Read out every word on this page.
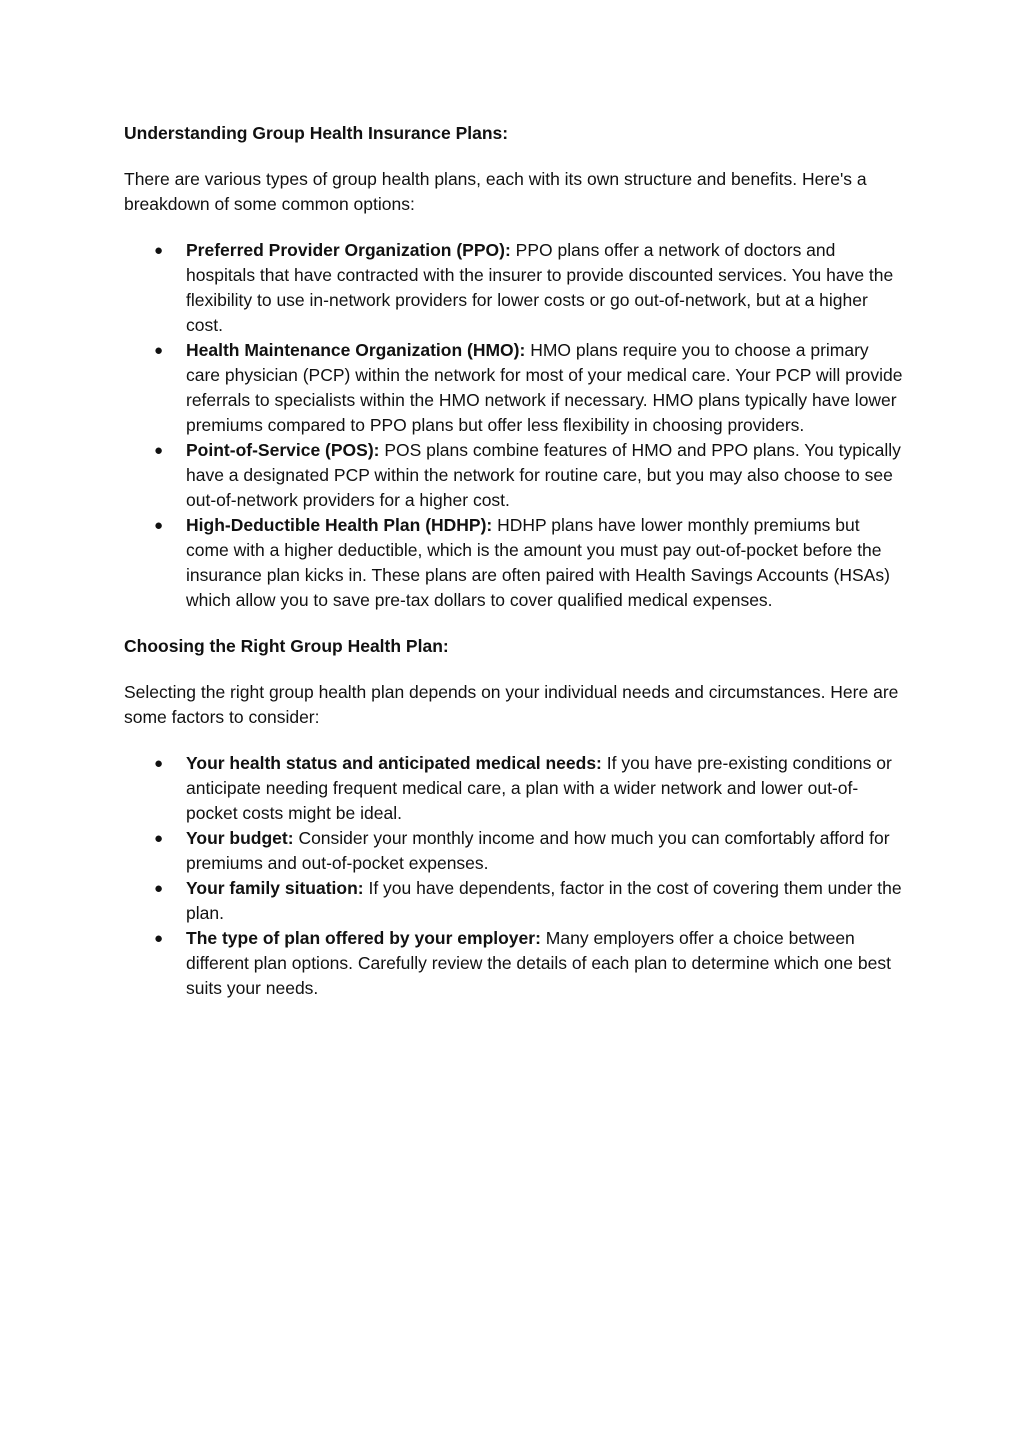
Understanding Group Health Insurance Plans:

There are various types of group health plans, each with its own structure and benefits. Here's a breakdown of some common options:

● Preferred Provider Organization (PPO): PPO plans offer a network of doctors and hospitals that have contracted with the insurer to provide discounted services. You have the flexibility to use in-network providers for lower costs or go out-of-network, but at a higher cost.
● Health Maintenance Organization (HMO): HMO plans require you to choose a primary care physician (PCP) within the network for most of your medical care. Your PCP will provide referrals to specialists within the HMO network if necessary. HMO plans typically have lower premiums compared to PPO plans but offer less flexibility in choosing providers.
● Point-of-Service (POS): POS plans combine features of HMO and PPO plans. You typically have a designated PCP within the network for routine care, but you may also choose to see out-of-network providers for a higher cost.
● High-Deductible Health Plan (HDHP): HDHP plans have lower monthly premiums but come with a higher deductible, which is the amount you must pay out-of-pocket before the insurance plan kicks in. These plans are often paired with Health Savings Accounts (HSAs) which allow you to save pre-tax dollars to cover qualified medical expenses.
Choosing the Right Group Health Plan:

Selecting the right group health plan depends on your individual needs and circumstances. Here are some factors to consider:

● Your health status and anticipated medical needs: If you have pre-existing conditions or anticipate needing frequent medical care, a plan with a wider network and lower out-of-pocket costs might be ideal.
● Your budget: Consider your monthly income and how much you can comfortably afford for premiums and out-of-pocket expenses.
● Your family situation: If you have dependents, factor in the cost of covering them under the plan.
● The type of plan offered by your employer: Many employers offer a choice between different plan options. Carefully review the details of each plan to determine which one best suits your needs.
